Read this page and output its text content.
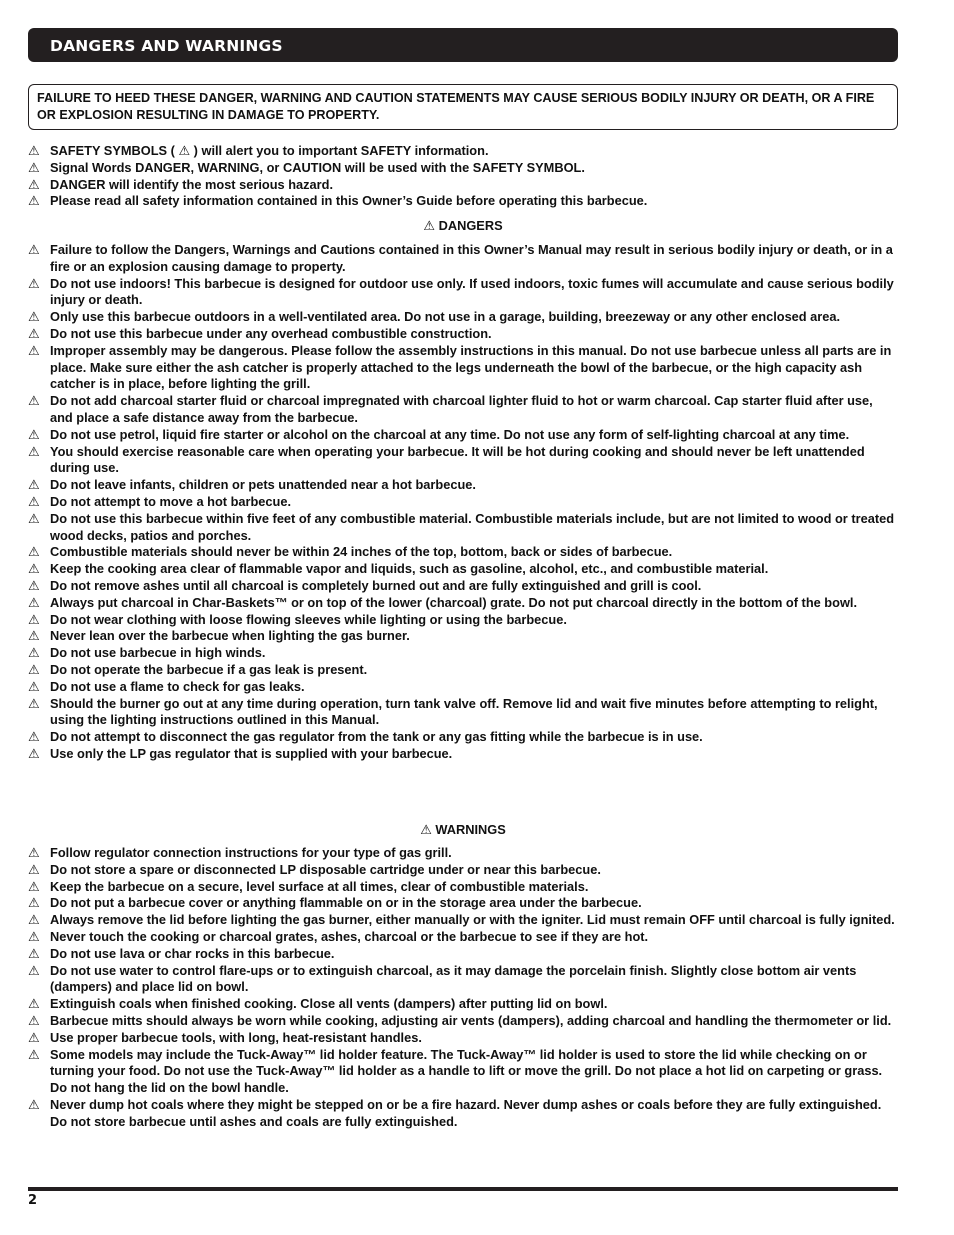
DANGERS AND WARNINGS
FAILURE TO HEED THESE DANGER, WARNING AND CAUTION STATEMENTS MAY CAUSE SERIOUS BODILY INJURY OR DEATH, OR A FIRE OR EXPLOSION RESULTING IN DAMAGE TO PROPERTY.

⚠ SAFETY SYMBOLS ( ⚠ ) will alert you to important SAFETY information.

⚠ Signal Words DANGER, WARNING, or CAUTION will be used with the SAFETY SYMBOL.

⚠ DANGER will identify the most serious hazard.

⚠ Please read all safety information contained in this Owner’s Guide before operating this barbecue.

⚠ DANGERS

⚠ Failure to follow the Dangers, Warnings and Cautions contained in this Owner’s Manual may result in serious bodily injury or death, or in a fire or an explosion causing damage to property.

⚠ Do not use indoors! This barbecue is designed for outdoor use only. If used indoors, toxic fumes will accumulate and cause serious bodily injury or death.

⚠ Only use this barbecue outdoors in a well-ventilated area. Do not use in a garage, building, breezeway or any other enclosed area.

⚠ Do not use this barbecue under any overhead combustible construction.

⚠ Improper assembly may be dangerous. Please follow the assembly instructions in this manual. Do not use barbecue unless all parts are in place. Make sure either the ash catcher is properly attached to the legs underneath the bowl of the barbecue, or the high capacity ash catcher is in place, before lighting the grill.

⚠ Do not add charcoal starter fluid or charcoal impregnated with charcoal lighter fluid to hot or warm charcoal. Cap starter fluid after use, and place a safe distance away from the barbecue.

⚠ Do not use petrol, liquid fire starter or alcohol on the charcoal at any time. Do not use any form of self-lighting charcoal at any time.

⚠ You should exercise reasonable care when operating your barbecue. It will be hot during cooking and should never be left unattended during use.

⚠ Do not leave infants, children or pets unattended near a hot barbecue.

⚠ Do not attempt to move a hot barbecue.

⚠ Do not use this barbecue within five feet of any combustible material. Combustible materials include, but are not limited to wood or treated wood decks, patios and porches.

⚠ Combustible materials should never be within 24 inches of the top, bottom, back or sides of barbecue.

⚠ Keep the cooking area clear of flammable vapor and liquids, such as gasoline, alcohol, etc., and combustible material.

⚠ Do not remove ashes until all charcoal is completely burned out and are fully extinguished and grill is cool.

⚠ Always put charcoal in Char-Baskets™ or on top of the lower (charcoal) grate. Do not put charcoal directly in the bottom of the bowl.

⚠ Do not wear clothing with loose flowing sleeves while lighting or using the barbecue.

⚠ Never lean over the barbecue when lighting the gas burner.

⚠ Do not use barbecue in high winds.

⚠ Do not operate the barbecue if a gas leak is present.

⚠ Do not use a flame to check for gas leaks.

⚠ Should the burner go out at any time during operation, turn tank valve off. Remove lid and wait five minutes before attempting to relight, using the lighting instructions outlined in this Manual.

⚠ Do not attempt to disconnect the gas regulator from the tank or any gas fitting while the barbecue is in use.

⚠ Use only the LP gas regulator that is supplied with your barbecue.

⚠ WARNINGS

⚠ Follow regulator connection instructions for your type of gas grill.

⚠ Do not store a spare or disconnected LP disposable cartridge under or near this barbecue.

⚠ Keep the barbecue on a secure, level surface at all times, clear of combustible materials.

⚠ Do not put a barbecue cover or anything flammable on or in the storage area under the barbecue.

⚠ Always remove the lid before lighting the gas burner, either manually or with the igniter. Lid must remain OFF until charcoal is fully ignited.

⚠ Never touch the cooking or charcoal grates, ashes, charcoal or the barbecue to see if they are hot.

⚠ Do not use lava or char rocks in this barbecue.

⚠ Do not use water to control flare-ups or to extinguish charcoal, as it may damage the porcelain finish. Slightly close bottom air vents (dampers) and place lid on bowl.

⚠ Extinguish coals when finished cooking. Close all vents (dampers) after putting lid on bowl.

⚠ Barbecue mitts should always be worn while cooking, adjusting air vents (dampers), adding charcoal and handling the thermometer or lid.

⚠ Use proper barbecue tools, with long, heat-resistant handles.

⚠ Some models may include the Tuck-Away™ lid holder feature. The Tuck-Away™ lid holder is used to store the lid while checking on or turning your food. Do not use the Tuck-Away™ lid holder as a handle to lift or move the grill. Do not place a hot lid on carpeting or grass. Do not hang the lid on the bowl handle.

⚠ Never dump hot coals where they might be stepped on or be a fire hazard. Never dump ashes or coals before they are fully extinguished. Do not store barbecue until ashes and coals are fully extinguished.

2
